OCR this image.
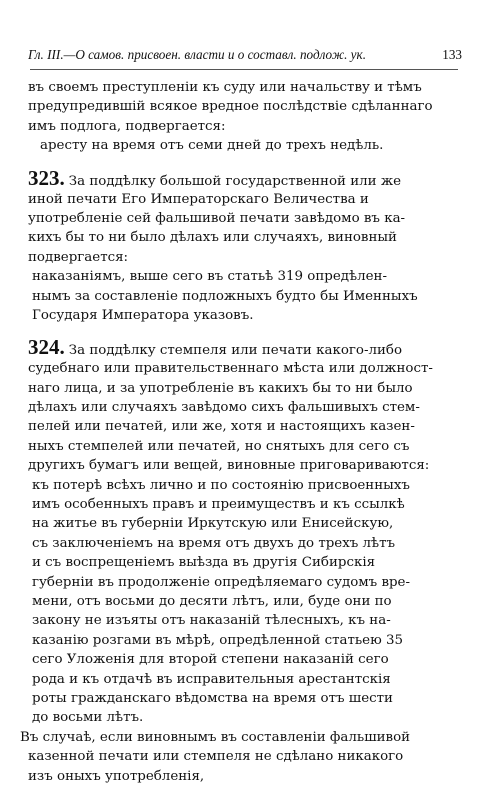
Гл. III.—О самов. присвоен. власти и о составл. подлож. ук.	133
въ своемъ преступленіи къ суду или начальству и тѣмъ
предупредившій всякое вредное послѣдствіе сдѣланнаго
имъ подлога, подвергается:
аресту на время отъ семи дней до трехъ недѣль.
323. За поддѣлку большой государственной или же
иной печати Его Императорскаго Величества и
употребленіе сей фальшивой печати завѣдомо въ ка-
кихъ бы то ни было дѣлахъ или случаяхъ, виновный
подвергается:
наказаніямъ, выше сего въ статьѣ 319 опредѣлен-
нымъ за составленіе подложныхъ будто бы Именныхъ
Государя Императора указовъ.
324. За поддѣлку стемпеля или печати какого-либо
судебнаго или правительственнаго мѣста или должност-
наго лица, и за употребленіе въ какихъ бы то ни было
дѣлахъ или случаяхъ завѣдомо сихъ фальшивыхъ стем-
пелей или печатей, или же, хотя и настоящихъ казен-
ныхъ стемпелей или печатей, но снятыхъ для сего съ
другихъ бумагъ или вещей, виновные приговариваются:
къ потерѣ всѣхъ лично и по состоянію присвоенныхъ
имъ особенныхъ правъ и преимуществъ и къ ссылкѣ
на житье въ губерніи Иркутскую или Енисейскую,
съ заключеніемъ на время отъ двухъ до трехъ лѣтъ
и съ воспрещеніемъ выѣзда въ другія Сибирскія
губерніи въ продолженіе опредѣляемаго судомъ вре-
мени, отъ восьми до десяти лѣтъ, или, буде они по
закону не изъяты отъ наказаній тѣлесныхъ, къ на-
казанію розгами въ мѣрѣ, опредѣленной статьею 35
сего Уложенія для второй степени наказаній сего
рода и къ отдачѣ въ исправительныя арестантскія
роты гражданскаго вѣдомства на время отъ шести
до восьми лѣтъ.
Въ случаѣ, если виновнымъ въ составленіи фальшивой
казенной печати или стемпеля не сдѣлано никакого
изъ оныхъ употребленія,
